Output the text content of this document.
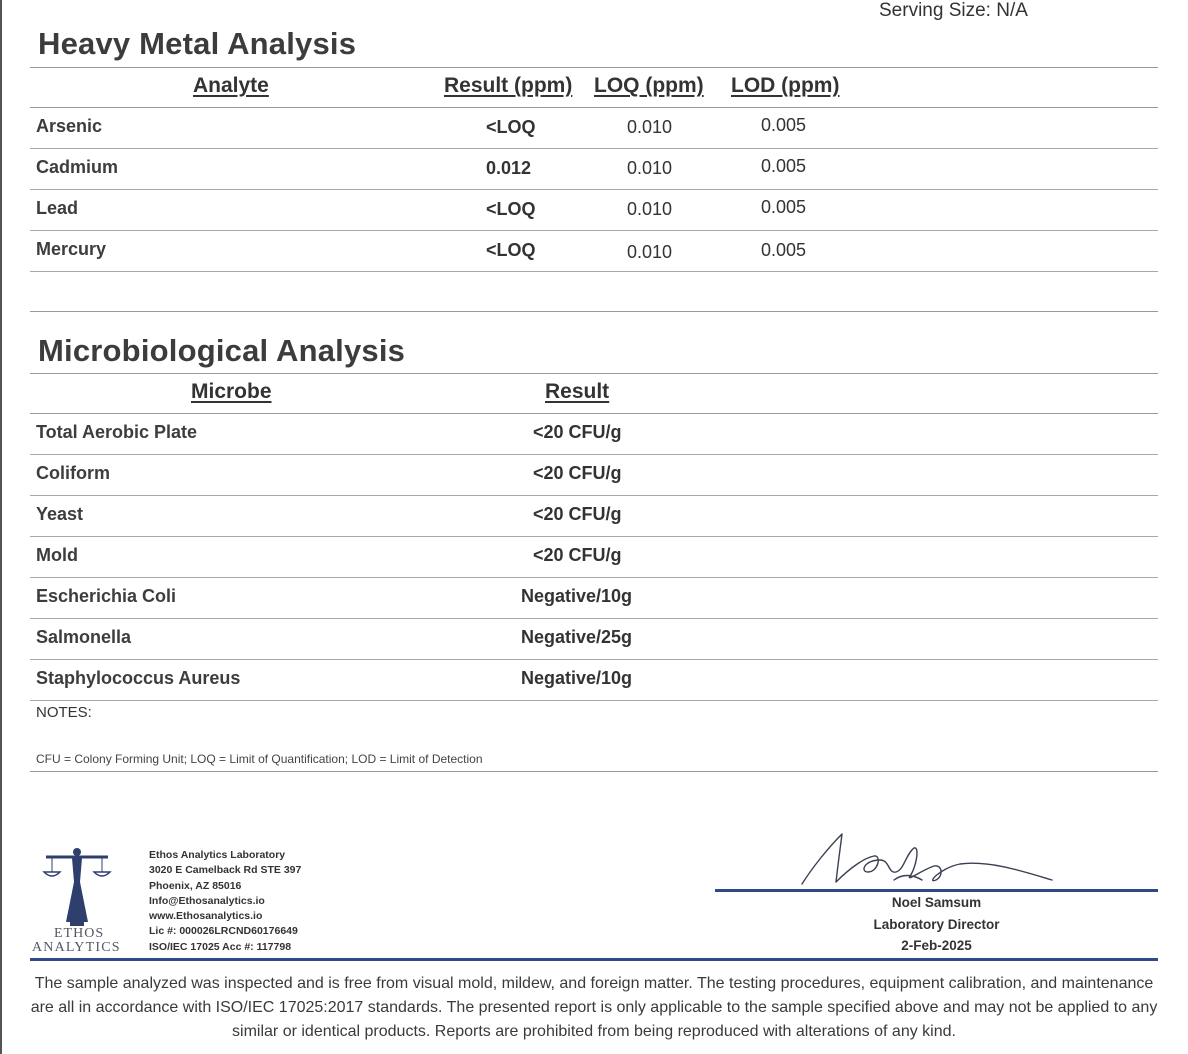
Serving Size: N/A
Heavy Metal Analysis
Analyte	Result (ppm) LOQ (ppm) LOD (ppm)
Arsenic	<LOQ	0.010	0.005
Cadmium	0.012	0.010	0.005
Lead	<LOQ	0.010	0.005
Mercury	<LOQ	0.010	0.005
Microbiological Analysis
Microbe	Result
Total Aerobic Plate	<20 CFU/g
Coliform	<20 CFU/g
Yeast	<20 CFU/g
Mold	<20 CFU/g
Escherichia Coli	Negative/10g
Salmonella	Negative/25g
Staphylococcus Aureus	Negative/10g
NOTES:
CFU = Colony Forming Unit; LOQ = Limit of Quantification; LOD = Limit of Detection
ETHOS
ANALYTICS
Ethos Analytics Laboratory
3020 E Camelback Rd STE 397
Phoenix, AZ 85016
Info@Ethosanalytics.io
www.Ethosanalytics.io
Lic #: 000026LRCND60176649
ISO/IEC 17025 Acc #: 117798
Noel Samsum
Laboratory Director
2-Feb-2025
The sample analyzed was inspected and is free from visual mold, mildew, and foreign matter. The testing procedures, equipment calibration, and maintenance are all in accordance with ISO/IEC 17025:2017 standards. The presented report is only applicable to the sample specified above and may not be applied to any similar or identical products. Reports are prohibited from being reproduced with alterations of any kind.
